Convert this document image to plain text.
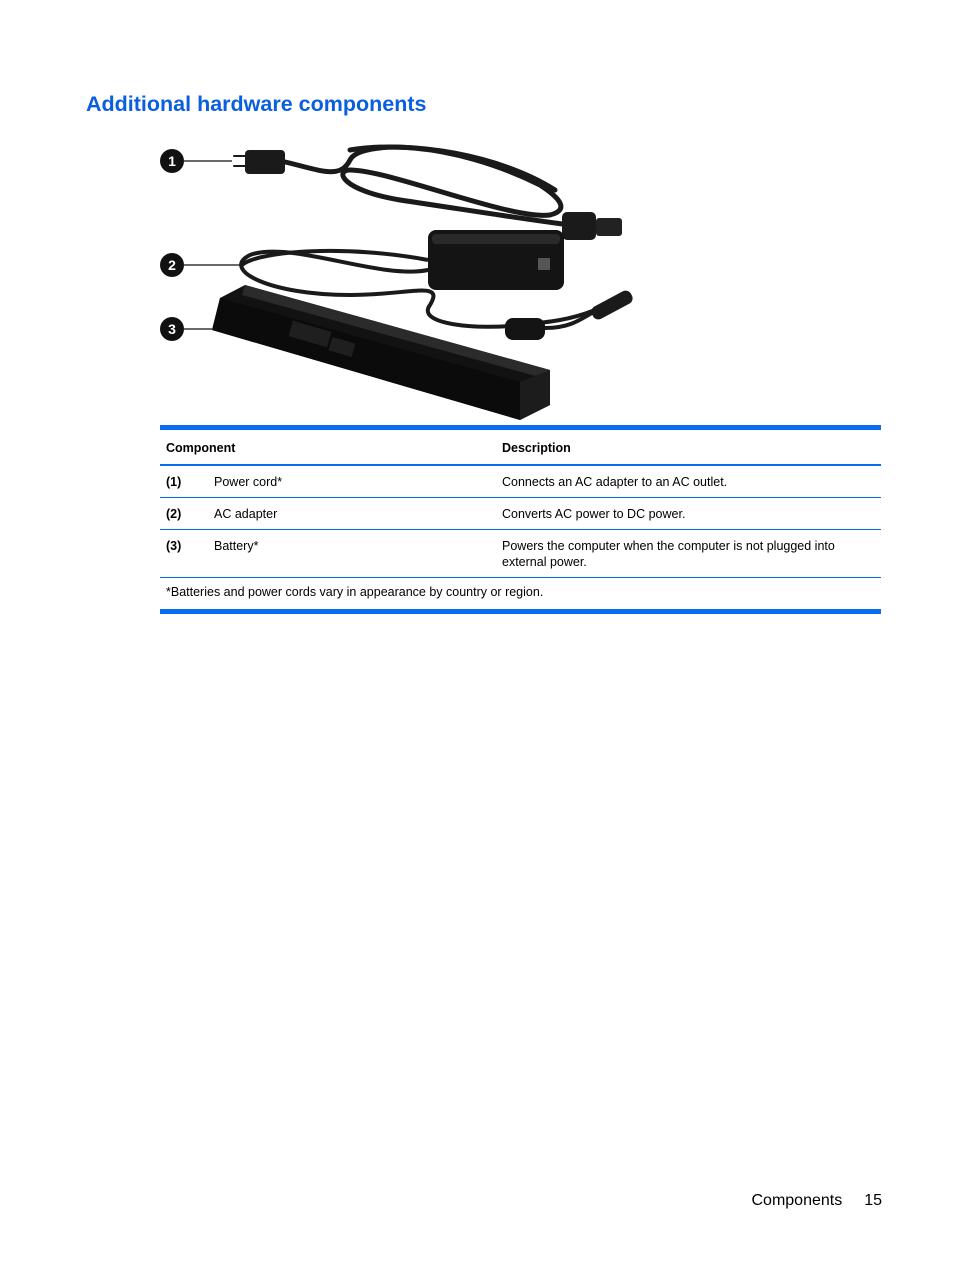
Additional hardware components
1
2
3
Component		Description
(1)	Power cord*	Connects an AC adapter to an AC outlet.
(2)	AC adapter	Converts AC power to DC power.
(3)	Battery*	Powers the computer when the computer is not plugged into external power.
*Batteries and power cords vary in appearance by country or region.		
Components 15
